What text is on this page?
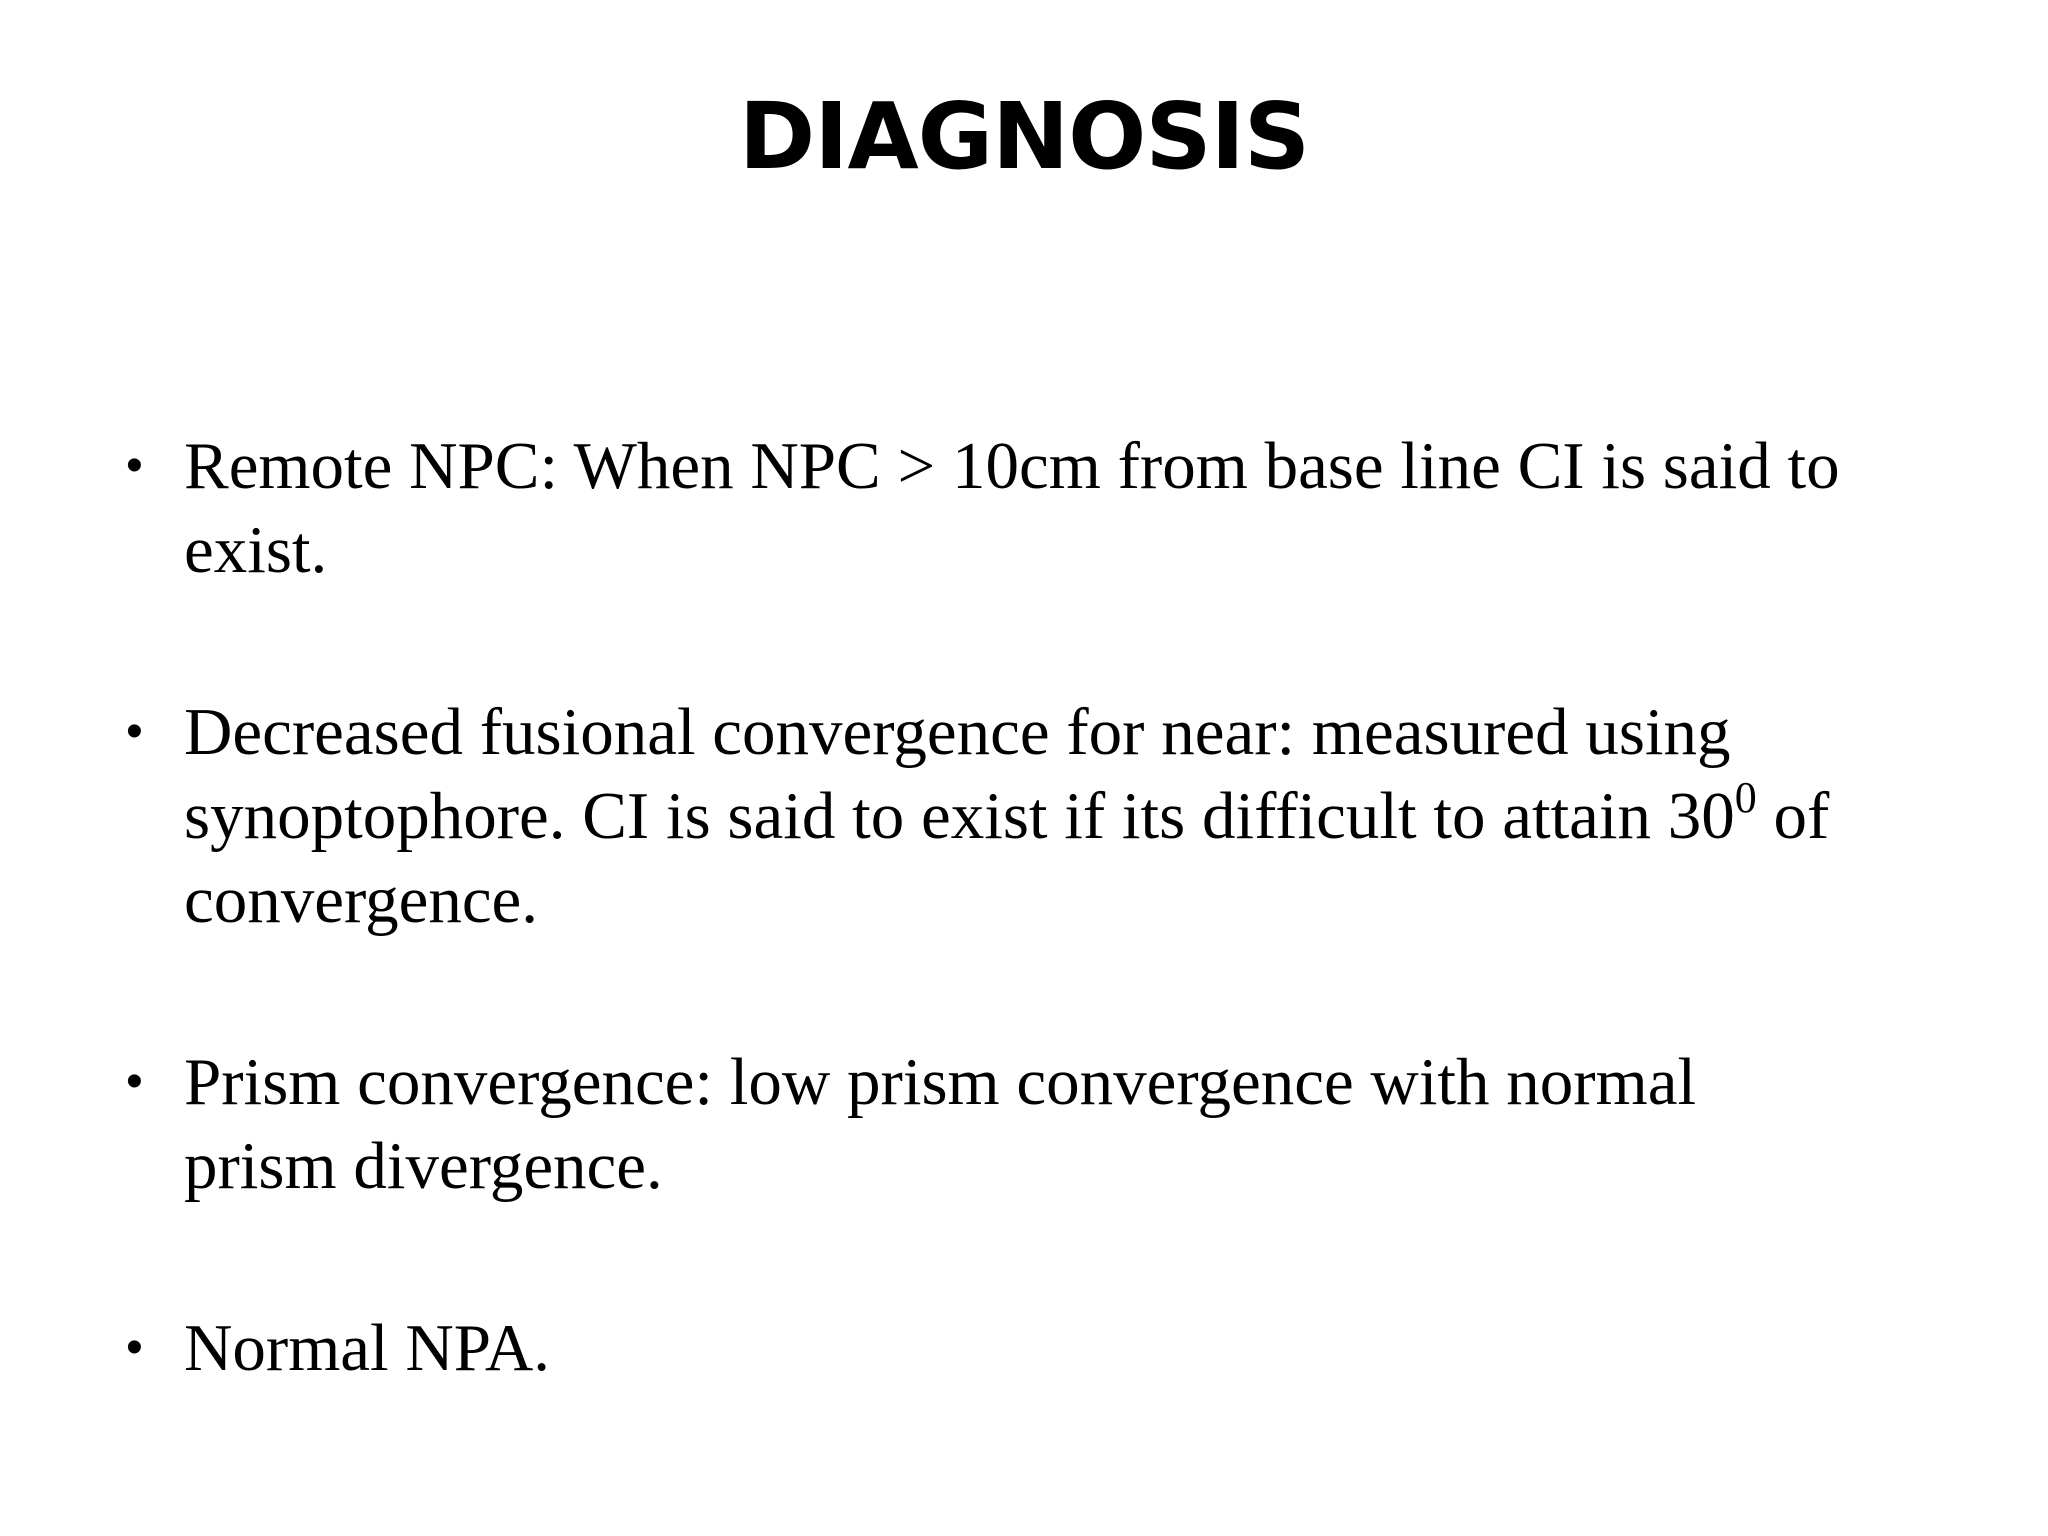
DIAGNOSIS
• Remote NPC: When NPC > 10cm from base line CI is said to
exist.
• Decreased fusional convergence for near: measured using
synoptophore. CI is said to exist if its difficult to attain $30^0$ of
convergence.
• Prism convergence: low prism convergence with normal
prism divergence.
• Normal NPA.
